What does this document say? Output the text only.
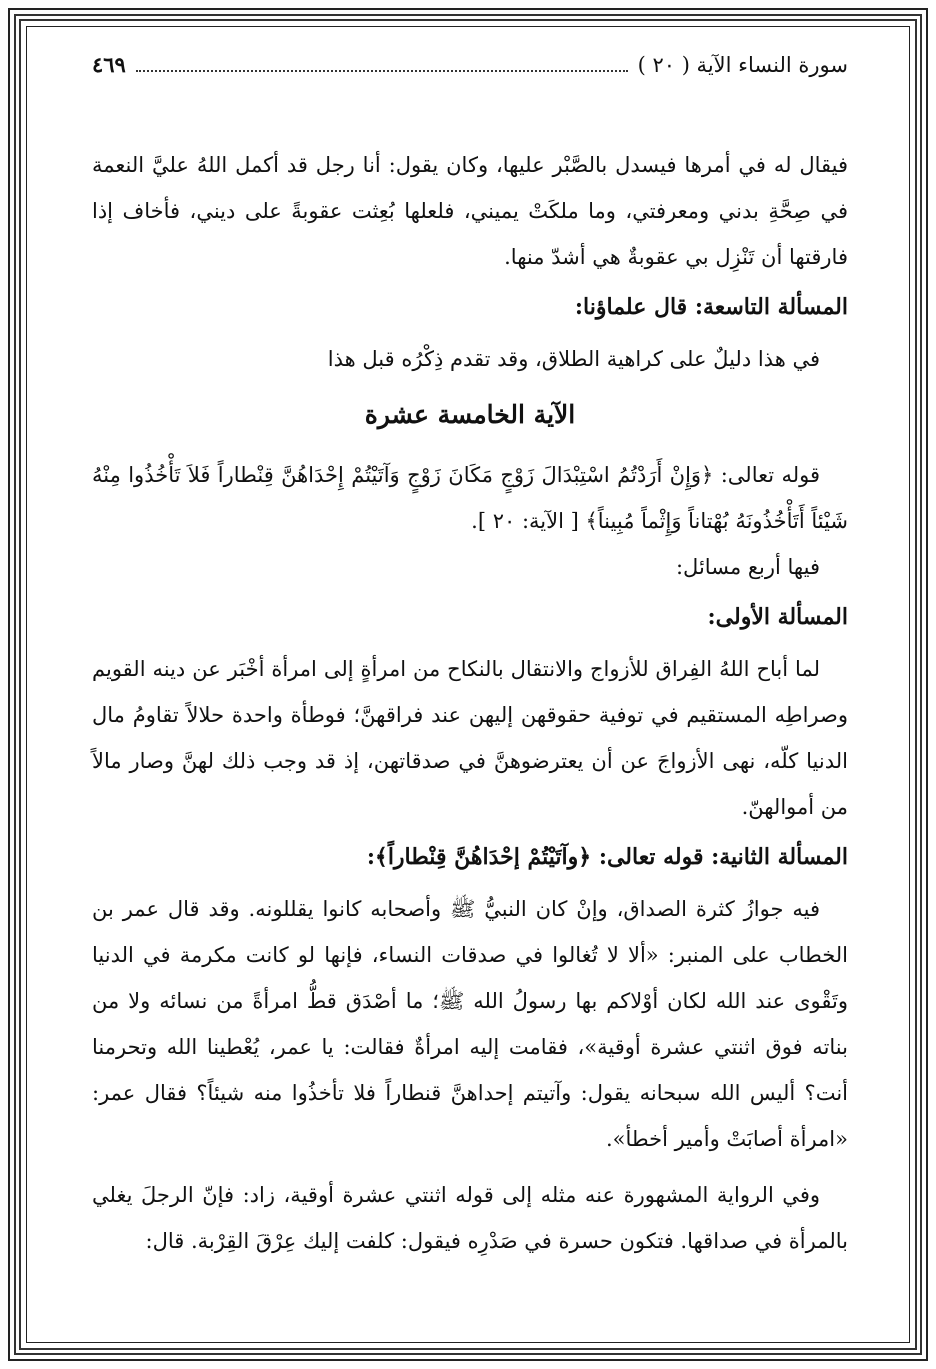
سورة النساء الآية ( ٢٠ )
٤٦٩

فيقال له في أمرها فيسدل بالصَّبْر عليها، وكان يقول: أنا رجل قد أكمل اللهُ عليَّ النعمة في صِحَّةِ بدني ومعرفتي، وما ملكَتْ يميني، فلعلها بُعِثت عقوبةً على ديني، فأخاف إذا فارقتها أن تَنْزِل بي عقوبةٌ هي أشدّ منها.

المسألة التاسعة: قال علماؤنا:

في هذا دليلٌ على كراهية الطلاق، وقد تقدم ذِكْرُه قبل هذا

الآية الخامسة عشرة

قوله تعالى: ﴿وَإِنْ أَرَدْتُمُ اسْتِبْدَالَ زَوْجٍ مَكَانَ زَوْجٍ وَآتَيْتُمْ إِحْدَاهُنَّ قِنْطاراً فَلاَ تَأْخُذُوا مِنْهُ شَيْئاً أَتَأْخُذُونَهُ بُهْتاناً وَإِثْماً مُبِيناً﴾ [ الآية: ٢٠ ].

فيها أربع مسائل:

المسألة الأولى:

لما أباح اللهُ الفِراق للأزواج والانتقال بالنكاح من امرأةٍ إلى امرأة أخْبَر عن دينه القويم وصراطِه المستقيم في توفية حقوقهن إليهن عند فراقهنَّ؛ فوطأة واحدة حلالاً تقاومُ مال الدنيا كلّه، نهى الأزواجَ عن أن يعترضوهنَّ في صدقاتهن، إذ قد وجب ذلك لهنَّ وصار مالاً من أموالهنّ.

المسألة الثانية: قوله تعالى: ﴿وآتَيْتُمْ إحْدَاهُنَّ قِنْطاراً﴾:

فيه جوازُ كثرة الصداق، وإنْ كان النبيُّ ﷺ وأصحابه كانوا يقللونه. وقد قال عمر بن الخطاب على المنبر: «ألا لا تُغالوا في صدقات النساء، فإنها لو كانت مكرمة في الدنيا وتَقْوى عند الله لكان أوْلاكم بها رسولُ الله ﷺ؛ ما أصْدَق قطُّ امرأةً من نسائه ولا من بناته فوق اثنتي عشرة أوقية»، فقامت إليه امرأةٌ فقالت: يا عمر، يُعْطينا الله وتحرمنا أنت؟ أليس الله سبحانه يقول: وآتيتم إحداهنَّ قنطاراً فلا تأخذُوا منه شيئاً؟ فقال عمر: «امرأة أصابَتْ وأمير أخطأ».

وفي الرواية المشهورة عنه مثله إلى قوله اثنتي عشرة أوقية، زاد: فإنّ الرجلَ يغلي بالمرأة في صداقها. فتكون حسرة في صَدْرِه فيقول: كلفت إليك عِرْقَ القِرْبة. قال:
